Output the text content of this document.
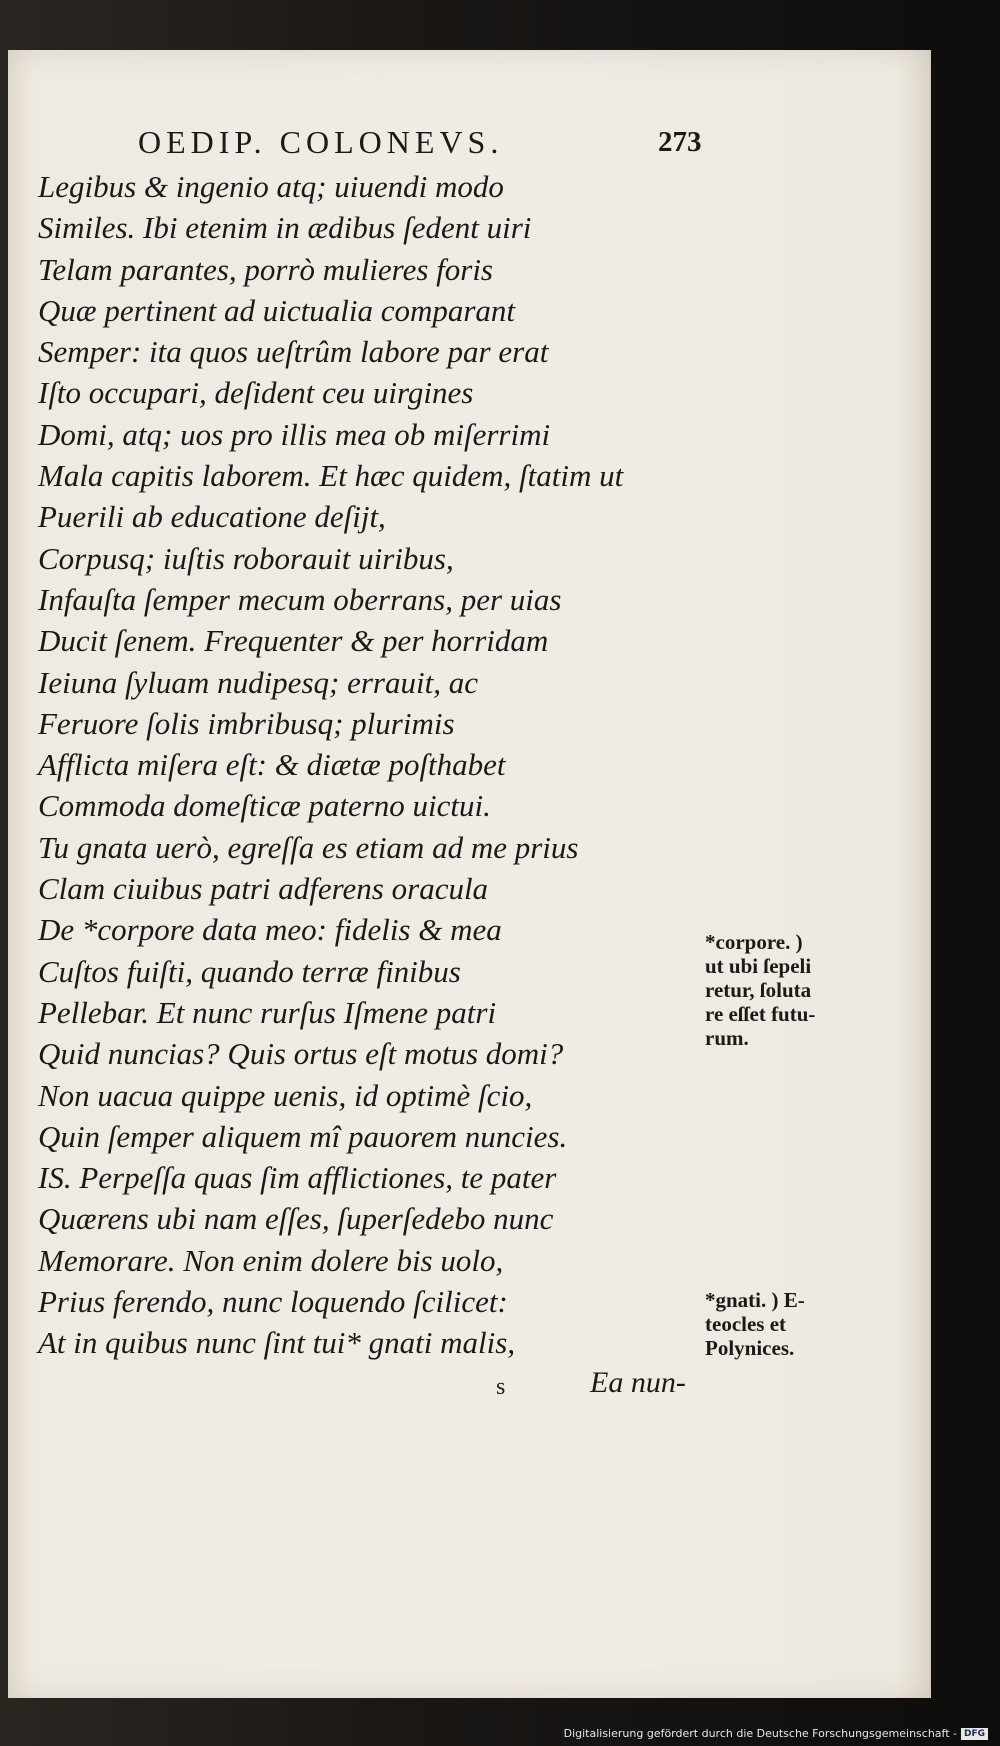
OEDIP. COLONEVS.	273
Legibus & ingenio atq; uiuendi modo
Similes. Ibi etenim in ædibus ſedent uiri
Telam parantes, porrò mulieres foris
Quæ pertinent ad uictualia comparant
Semper: ita quos ueſtrûm labore par erat
Iſto occupari, deſident ceu uirgines
Domi, atq; uos pro illis mea ob miſerrimi
Mala capitis laborem. Et hæc quidem, ſtatim ut
Puerili ab educatione deſijt,
Corpusq; iuſtis roborauit uiribus,
Infauſta ſemper mecum oberrans, per uias
Ducit ſenem. Frequenter & per horridam
Ieiuna ſyluam nudipesq; errauit, ac
Feruore ſolis imbribusq; plurimis
Afflicta miſera eſt: & diætæ poſthabet
Commoda domeſticæ paterno uictui.
Tu gnata uerò, egreſſa es etiam ad me prius
Clam ciuibus patri adferens oracula
De *corpore data meo: fidelis & mea
Cuſtos fuiſti, quando terræ finibus
Pellebar. Et nunc rurſus Iſmene patri
Quid nuncias? Quis ortus eſt motus domi?
Non uacua quippe uenis, id optimè ſcio,
Quin ſemper aliquem mî pauorem nuncies.
IS. Perpeſſa quas ſim afflictiones, te pater
Quærens ubi nam eſſes, ſuperſedebo nunc
Memorare. Non enim dolere bis uolo,
Prius ferendo, nunc loquendo ſcilicet:
At in quibus nunc ſint tui* gnati malis,
*corpore. )
ut ubi ſepeli
retur, ſoluta
re eſſet futu-
rum.
*gnati. ) E-
teocles et
Polynices.
s	Ea nun-
Digitalisierung gefördert durch die Deutsche Forschungsgemeinschaft - DFG
